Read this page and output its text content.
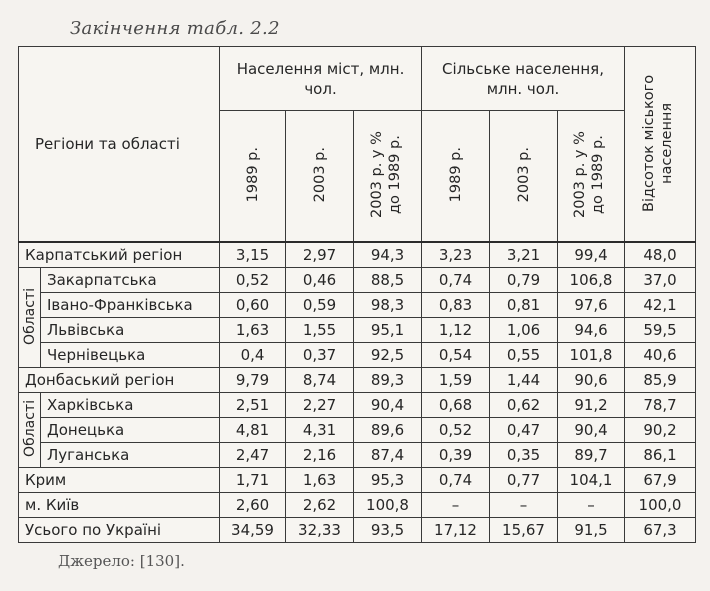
Закінчення табл. 2.2
Регіони та області		Населення міст, млн. чол.			Сільське населення, млн. чол.			Відсоток міського населення
		1989 р.	2003 р.	2003 р. у % до 1989 р.	1989 р.	2003 р.	2003 р. у % до 1989 р.	
Карпатський регіон		3,15	2,97	94,3	3,23	3,21	99,4	48,0
Області	Закарпатська	0,52	0,46	88,5	0,74	0,79	106,8	37,0
	Івано-Франківська	0,60	0,59	98,3	0,83	0,81	97,6	42,1
	Львівська	1,63	1,55	95,1	1,12	1,06	94,6	59,5
	Чернівецька	0,4	0,37	92,5	0,54	0,55	101,8	40,6
Донбаський регіон		9,79	8,74	89,3	1,59	1,44	90,6	85,9
Області	Харківська	2,51	2,27	90,4	0,68	0,62	91,2	78,7
	Донецька	4,81	4,31	89,6	0,52	0,47	90,4	90,2
	Луганська	2,47	2,16	87,4	0,39	0,35	89,7	86,1
Крим		1,71	1,63	95,3	0,74	0,77	104,1	67,9
м. Київ		2,60	2,62	100,8	–	–	–	100,0
Усього по Україні		34,59	32,33	93,5	17,12	15,67	91,5	67,3
Джерело: [130].
